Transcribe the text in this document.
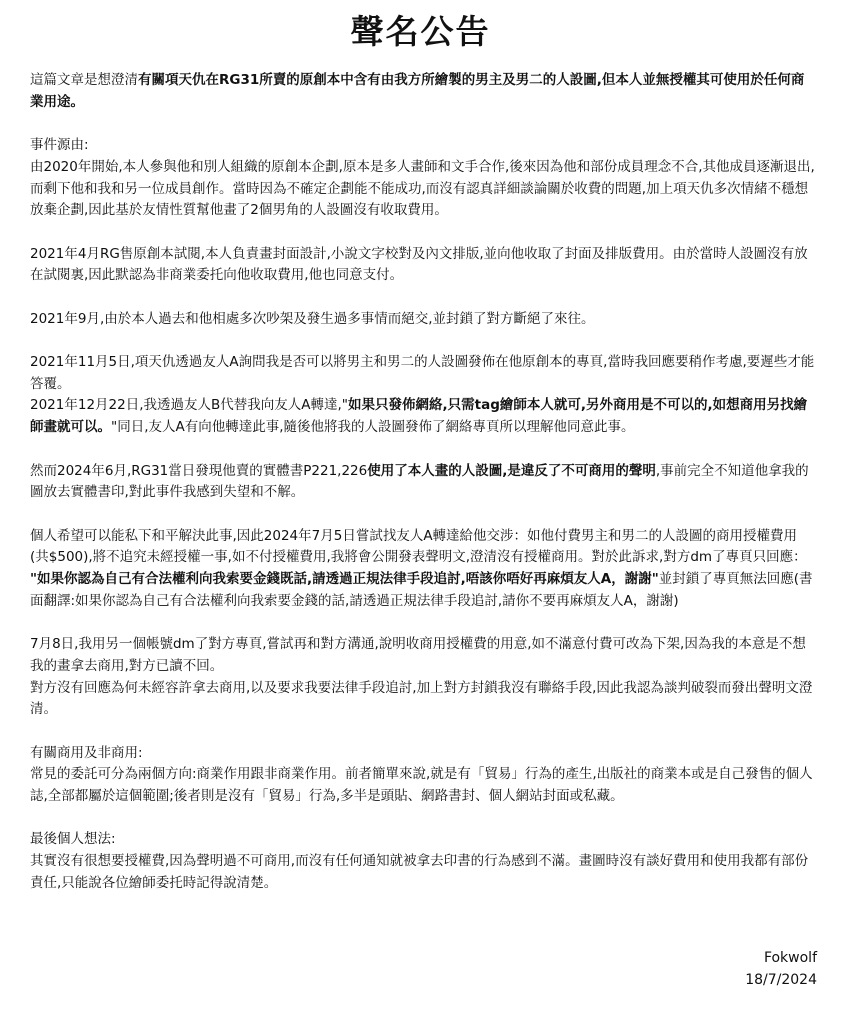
聲名公告

這篇文章是想澄清有關項天仇在RG31所賣的原創本中含有由我方所繪製的男主及男二的人設圖,但本人並無授權其可使用於任何商業用途。

事件源由:

由2020年開始,本人參與他和別人組織的原創本企劃,原本是多人畫師和文手合作,後來因為他和部份成員理念不合,其他成員逐漸退出,而剩下他和我和另一位成員創作。當時因為不確定企劃能不能成功,而沒有認真詳細談論關於收費的問題,加上項天仇多次情緒不穩想放棄企劃,因此基於友情性質幫他畫了2個男角的人設圖沒有收取費用。

2021年4月RG售原創本試閱,本人負責畫封面設計,小說文字校對及內文排版,並向他收取了封面及排版費用。由於當時人設圖沒有放在試閱裏,因此默認為非商業委托向他收取費用,他也同意支付。

2021年9月,由於本人過去和他相處多次吵架及發生過多事情而絕交,並封鎖了對方斷絕了來往。

2021年11月5日,項天仇透過友人A詢問我是否可以將男主和男二的人設圖發佈在他原創本的專頁,當時我回應要稍作考慮,要遲些才能答覆。

2021年12月22日,我透過友人B代替我向友人A轉達,"如果只發佈網絡,只需tag繪師本人就可,另外商用是不可以的,如想商用另找繪師畫就可以。"同日,友人A有向他轉達此事,隨後他將我的人設圖發佈了網絡專頁所以理解他同意此事。

然而2024年6月,RG31當日發現他賣的實體書P221,226使用了本人畫的人設圖,是違反了不可商用的聲明,事前完全不知道他拿我的圖放去實體書印,對此事件我感到失望和不解。

個人希望可以能私下和平解決此事,因此2024年7月5日嘗試找友人A轉達給他交涉：如他付費男主和男二的人設圖的商用授權費用(共$500),將不追究未經授權一事,如不付授權費用,我將會公開發表聲明文,澄清沒有授權商用。對於此訴求,對方dm了專頁只回應：
"如果你認為自己有合法權利向我索要金錢既話,請透過正規法律手段追討,唔該你唔好再麻煩友人A，謝謝"並封鎖了專頁無法回應(書面翻譯:如果你認為自己有合法權利向我索要金錢的話,請透過正規法律手段追討,請你不要再麻煩友人A，謝謝)

7月8日,我用另一個帳號dm了對方專頁,嘗試再和對方溝通,說明收商用授權費的用意,如不滿意付費可改為下架,因為我的本意是不想我的畫拿去商用,對方已讀不回。

對方沒有回應為何未經容許拿去商用,以及要求我要法律手段追討,加上對方封鎖我沒有聯絡手段,因此我認為談判破裂而發出聲明文澄清。

有關商用及非商用:

常見的委託可分為兩個方向:商業作用跟非商業作用。前者簡單來說,就是有「貿易」行為的產生,出版社的商業本或是自己發售的個人誌,全部都屬於這個範圍;後者則是沒有「貿易」行為,多半是頭貼、網路書封、個人網站封面或私藏。

最後個人想法:

其實沒有很想要授權費,因為聲明過不可商用,而沒有任何通知就被拿去印書的行為感到不滿。畫圖時沒有談好費用和使用我都有部份責任,只能說各位繪師委托時記得說清楚。

Fokwolf
18/7/2024
